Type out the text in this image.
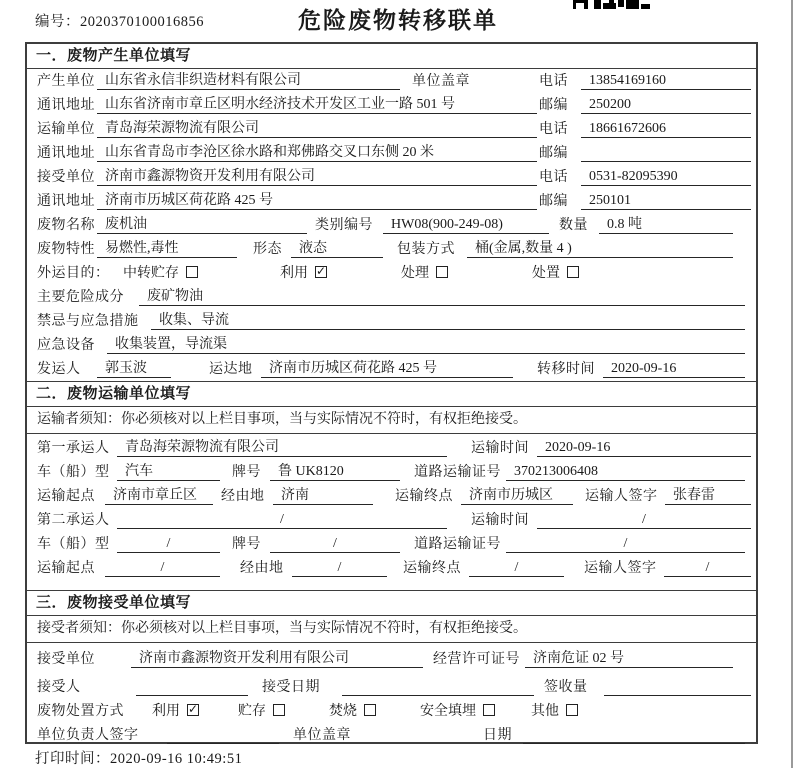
编号：2020370100016856	危险废物转移联单
一．废物产生单位填写
产生单位 山东省永信非织造材料有限公司	单位盖章	电话	13854169160
通讯地址 山东省济南市章丘区明水经济技术开发区工业一路 501 号	邮编	250200
运输单位 青岛海荣源物流有限公司	电话	18661672606
通讯地址 山东省青岛市李沧区徐水路和郑佛路交叉口东侧 20 米	邮编
接受单位 济南市鑫源物资开发利用有限公司	电话	0531-82095390
通讯地址 济南市历城区荷花路 425 号	邮编	250101
废物名称 废机油	类别编号	HW08(900-249-08)	数量	0.8 吨
废物特性 易燃性,毒性	形态	液态	包装方式	桶(金属,数量 4 )
外运目的： 中转贮存	利用 ✓	处理	处置
主要危险成分	废矿物油
禁忌与应急措施	收集、导流
应急设备	收集装置，导流渠
发运人	郭玉波	运达地	济南市历城区荷花路 425 号	转移时间	2020-09-16
二．废物运输单位填写
运输者须知：你必须核对以上栏目事项，当与实际情况不符时，有权拒绝接受。
第一承运人	青岛海荣源物流有限公司	运输时间	2020-09-16
车（船）型	汽车	牌号	鲁 UK8120	道路运输证号 370213006408
运输起点	济南市章丘区	经由地	济南	运输终点	济南市历城区	运输人签字	张春雷
第二承运人	/	运输时间	/
车（船）型	/	牌号	/	道路运输证号	/
运输起点	/	经由地	/	运输终点	/	运输人签字	/
三．废物接受单位填写
接受者须知：你必须核对以上栏目事项，当与实际情况不符时，有权拒绝接受。
接受单位	济南市鑫源物资开发利用有限公司	经营许可证号 济南危证 02 号
接受人	接受日期	签收量
废物处置方式 利用 ✓	贮存	焚烧	安全填埋	其他
单位负责人签字	单位盖章	日期
打印时间：2020-09-16 10:49:51
